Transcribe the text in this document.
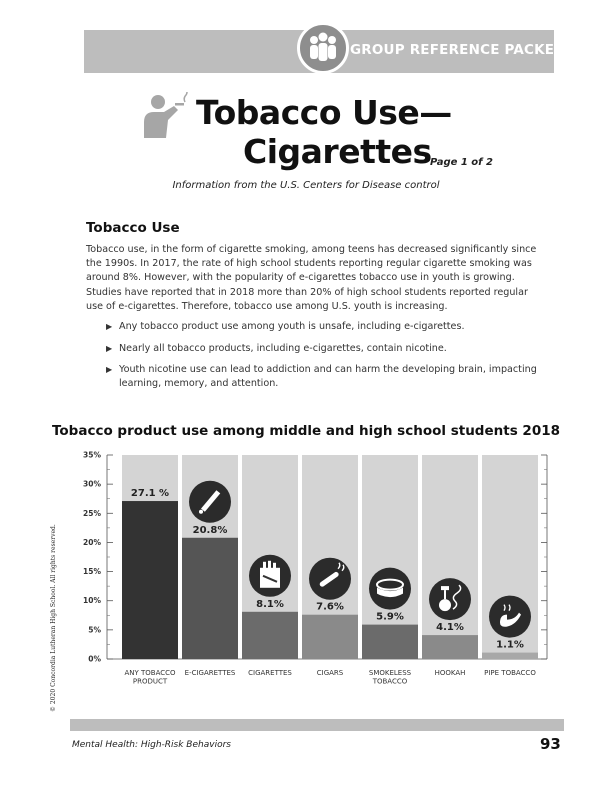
GROUP REFERENCE PACKET
Tobacco Use—
Cigarettes
Page 1 of 2
Information from the U.S. Centers for Disease control
Tobacco Use
Tobacco use, in the form of cigarette smoking, among teens has decreased significantly since the 1990s. In 2017, the rate of high school students reporting regular cigarette smoking was around 8%. However, with the popularity of e-cigarettes tobacco use in youth is growing. Studies have reported that in 2018 more than 20% of high school students reported regular use of e-cigarettes. Therefore, tobacco use among U.S. youth is increasing.
▶ Any tobacco product use among youth is unsafe, including e-cigarettes.
▶ Nearly all tobacco products, including e-cigarettes, contain nicotine.
▶ Youth nicotine use can lead to addiction and can harm the developing brain, impacting learning, memory, and attention.
Tobacco product use among middle and high school students 2018
0%
5%
10%
15%
20%
25%
30%
35%
27.1 %
ANY TOBACCO
PRODUCT
20.8%
E-CIGARETTES
8.1%
CIGARETTES
7.6%
CIGARS
5.9%
SMOKELESS
TOBACCO
4.1%
HOOKAH
1.1%
PIPE TOBACCO
© 2020 Concordia Lutheran High School. All rights reserved.
Mental Health: High-Risk Behaviors	93
